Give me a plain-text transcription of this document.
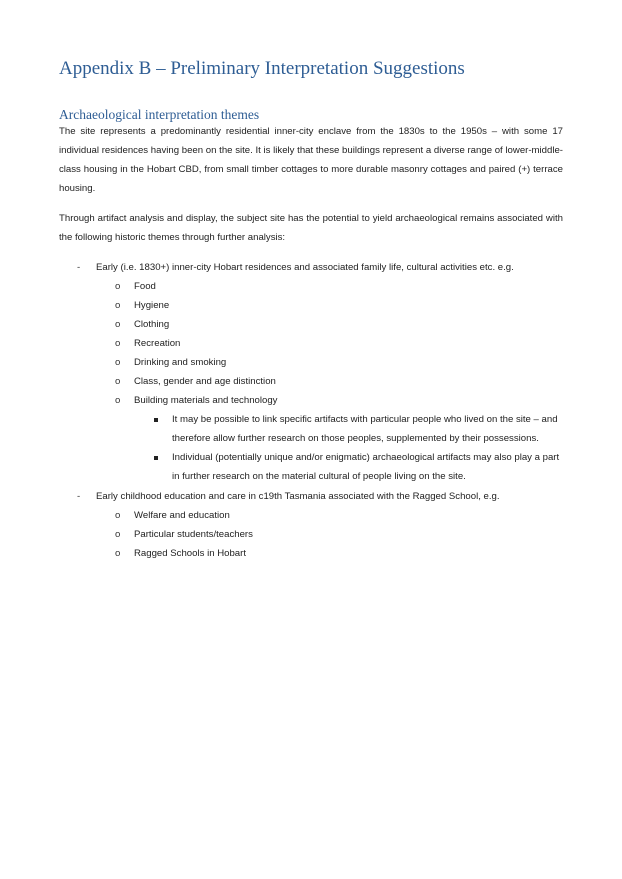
Appendix B – Preliminary Interpretation Suggestions
Archaeological interpretation themes

The site represents a predominantly residential inner-city enclave from the 1830s to the 1950s – with some 17 individual residences having been on the site. It is likely that these buildings represent a diverse range of lower-middle-class housing in the Hobart CBD, from small timber cottages to more durable masonry cottages and paired (+) terrace housing.

Through artifact analysis and display, the subject site has the potential to yield archaeological remains associated with the following historic themes through further analysis:

- Early (i.e. 1830+) inner-city Hobart residences and associated family life, cultural activities etc. e.g.

o Food

o Hygiene

o Clothing

o Recreation

o Drinking and smoking

o Class, gender and age distinction

o Building materials and technology

It may be possible to link specific artifacts with particular people who lived on the site – and

therefore allow further research on those peoples, supplemented by their possessions.

Individual (potentially unique and/or enigmatic) archaeological artifacts may also play a part

in further research on the material cultural of people living on the site.

- Early childhood education and care in c19th Tasmania associated with the Ragged School, e.g.

o Welfare and education

o Particular students/teachers

o Ragged Schools in Hobart
